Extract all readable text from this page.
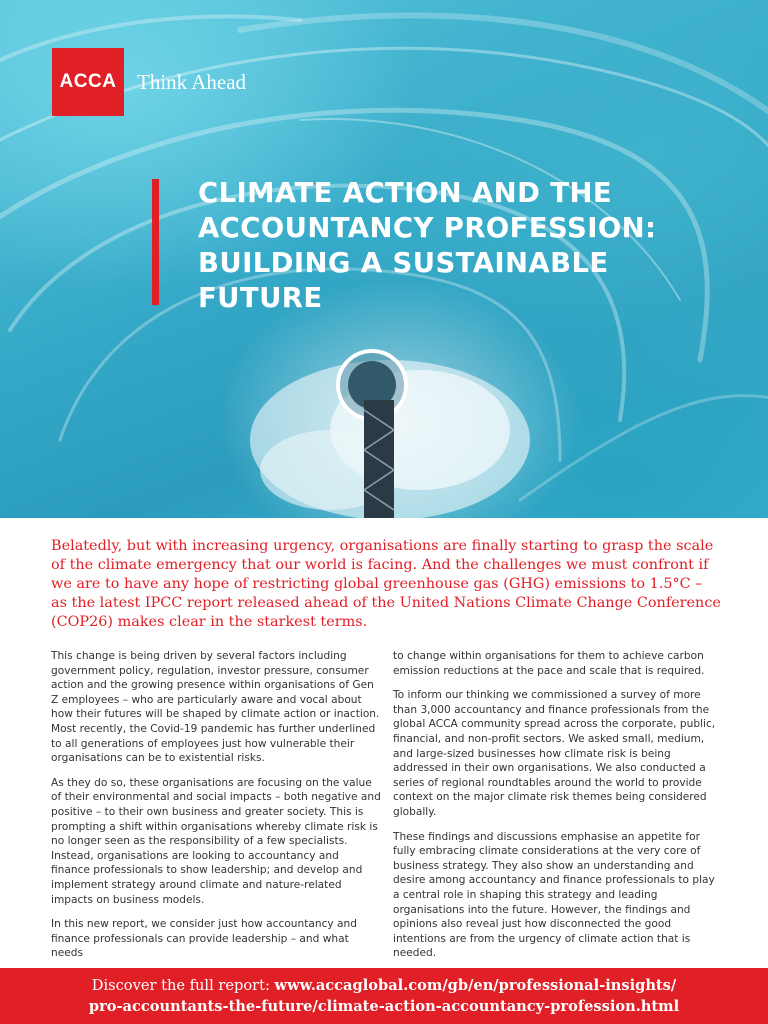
ACCA Think Ahead
CLIMATE ACTION AND THE ACCOUNTANCY PROFESSION: BUILDING A SUSTAINABLE FUTURE

Belatedly, but with increasing urgency, organisations are finally starting to grasp the scale of the climate emergency that our world is facing. And the challenges we must confront if we are to have any hope of restricting global greenhouse gas (GHG) emissions to 1.5°C – as the latest IPCC report released ahead of the United Nations Climate Change Conference (COP26) makes clear in the starkest terms.

This change is being driven by several factors including government policy, regulation, investor pressure, consumer action and the growing presence within organisations of Gen Z employees – who are particularly aware and vocal about how their futures will be shaped by climate action or inaction. Most recently, the Covid-19 pandemic has further underlined to all generations of employees just how vulnerable their organisations can be to existential risks.

As they do so, these organisations are focusing on the value of their environmental and social impacts – both negative and positive – to their own business and greater society. This is prompting a shift within organisations whereby climate risk is no longer seen as the responsibility of a few specialists. Instead, organisations are looking to accountancy and finance professionals to show leadership; and develop and implement strategy around climate and nature-related impacts on business models.

In this new report, we consider just how accountancy and finance professionals can provide leadership – and what needs

to change within organisations for them to achieve carbon emission reductions at the pace and scale that is required.

To inform our thinking we commissioned a survey of more than 3,000 accountancy and finance professionals from the global ACCA community spread across the corporate, public, financial, and non-profit sectors. We asked small, medium, and large-sized businesses how climate risk is being addressed in their own organisations. We also conducted a series of regional roundtables around the world to provide context on the major climate risk themes being considered globally.

These findings and discussions emphasise an appetite for fully embracing climate considerations at the very core of business strategy. They also show an understanding and desire among accountancy and finance professionals to play a central role in shaping this strategy and leading organisations into the future. However, the findings and opinions also reveal just how disconnected the good intentions are from the urgency of climate action that is needed.

Discover the full report: www.accaglobal.com/gb/en/professional-insights/
pro-accountants-the-future/climate-action-accountancy-profession.html
